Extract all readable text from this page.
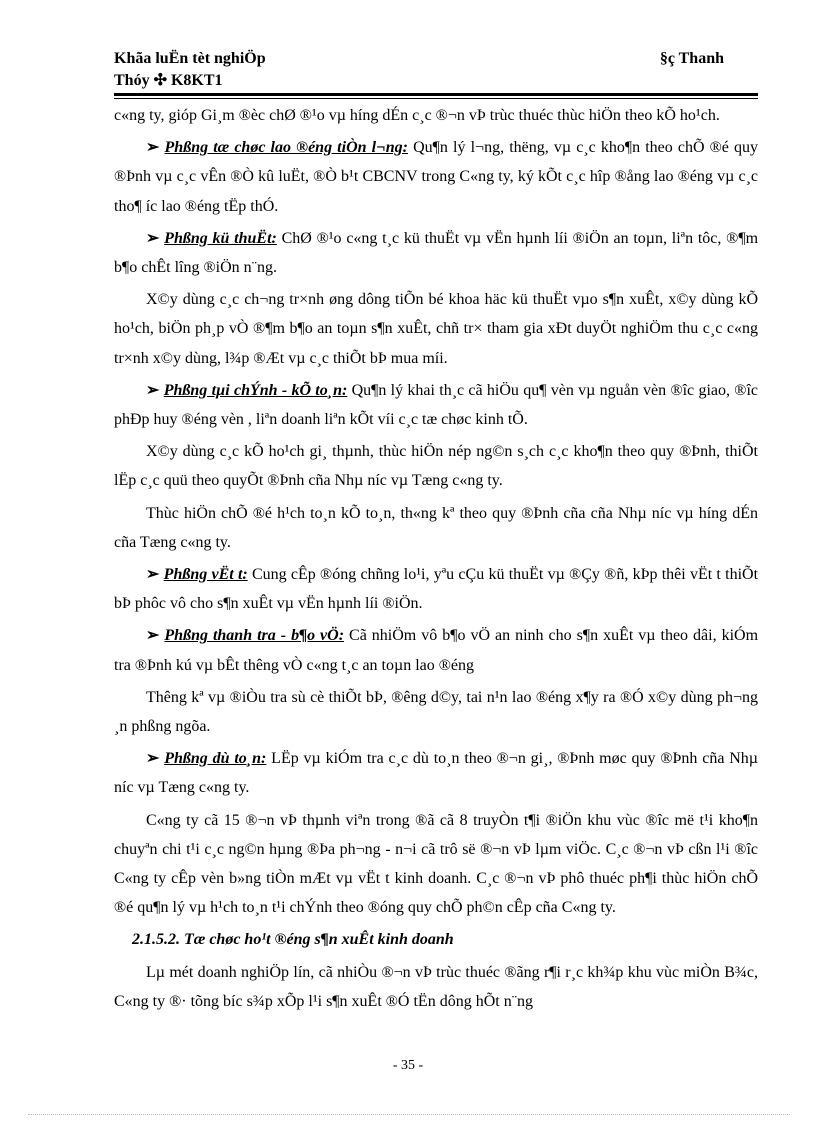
Khãa luËn tèt nghiÖp	§ç Thanh
Thóy ✣ K8KT1

c«ng ty, gióp Gi¸m ®èc chØ ®¹o vµ híng dÉn c¸c ®¬n vÞ trùc thuéc thùc hiÖn theo kÕ ho¹ch.

➢ Phßng tæ chøc lao ®éng tiÒn l¬ng: Qu¶n lý l¬ng, thëng, vµ c¸c kho¶n theo chÕ ®é quy ®Þnh vµ c¸c vÊn ®Ò kû luËt, ®Ò b¹t CBCNV trong C«ng ty, ký kÕt c¸c hîp ®ång lao ®éng vµ c¸c tho¶ íc lao ®éng tËp thÓ.

➢ Phßng kü thuËt: ChØ ®¹o c«ng t¸c kü thuËt vµ vËn hµnh líi ®iÖn an toµn, liªn tôc, ®¶m b¶o chÊt lîng ®iÖn n¨ng.

X©y dùng c¸c ch¬ng tr×nh øng dông tiÕn bé khoa häc kü thuËt vµo s¶n xuÊt, x©y dùng kÕ ho¹ch, biÖn ph¸p vÒ ®¶m b¶o an toµn s¶n xuÊt, chñ tr× tham gia xÐt duyÖt nghiÖm thu c¸c c«ng tr×nh x©y dùng, l¾p ®Æt vµ c¸c thiÕt bÞ mua míi.

➢ Phßng tµi chÝnh - kÕ to¸n: Qu¶n lý khai th¸c cã hiÖu qu¶ vèn vµ nguån vèn ®îc giao, ®îc phÐp huy ®éng vèn , liªn doanh liªn kÕt víi c¸c tæ chøc kinh tÕ.

X©y dùng c¸c kÕ ho¹ch gi¸ thµnh, thùc hiÖn nép ng©n s¸ch c¸c kho¶n theo quy ®Þnh, thiÕt lËp c¸c quü theo quyÕt ®Þnh cña Nhµ níc vµ Tæng c«ng ty.

Thùc hiÖn chÕ ®é h¹ch to¸n kÕ to¸n, th«ng kª theo quy ®Þnh cña cña Nhµ níc vµ híng dÉn cña Tæng c«ng ty.

➢ Phßng vËt t: Cung cÊp ®óng chñng lo¹i, yªu cÇu kü thuËt vµ ®Çy ®ñ, kÞp thêi vËt t thiÕt bÞ phôc vô cho s¶n xuÊt vµ vËn hµnh líi ®iÖn.

➢ Phßng thanh tra - b¶o vÖ: Cã nhiÖm vô b¶o vÖ an ninh cho s¶n xuÊt vµ theo dâi, kiÓm tra ®Þnh kú vµ bÊt thêng vÒ c«ng t¸c an toµn lao ®éng

Thêng kª vµ ®iÒu tra sù cè thiÕt bÞ, ®êng d©y, tai n¹n lao ®éng x¶y ra ®Ó x©y dùng ph¬ng ¸n phßng ngõa.

➢ Phßng dù to¸n: LËp vµ kiÓm tra c¸c dù to¸n theo ®¬n gi¸, ®Þnh møc quy ®Þnh cña Nhµ níc vµ Tæng c«ng ty.

C«ng ty cã 15 ®¬n vÞ thµnh viªn trong ®ã cã 8 truyÒn t¶i ®iÖn khu vùc ®îc më t¹i kho¶n chuyªn chi t¹i c¸c ng©n hµng ®Þa ph¬ng - n¬i cã trô së ®¬n vÞ lµm viÖc. C¸c ®¬n vÞ cßn l¹i ®îc C«ng ty cÊp vèn b»ng tiÒn mÆt vµ vËt t kinh doanh. C¸c ®¬n vÞ phô thuéc ph¶i thùc hiÖn chÕ ®é qu¶n lý vµ h¹ch to¸n t¹i chÝnh theo ®óng quy chÕ ph©n cÊp cña C«ng ty.

2.1.5.2. Tæ chøc ho¹t ®éng s¶n xuÊt kinh doanh

Lµ mét doanh nghiÖp lín, cã nhiÒu ®¬n vÞ trùc thuéc ®ãng r¶i r¸c kh¾p khu vùc miÒn B¾c, C«ng ty ®· tõng bíc s¾p xÕp l¹i s¶n xuÊt ®Ó tËn dông hÕt n¨ng

- 35 -
